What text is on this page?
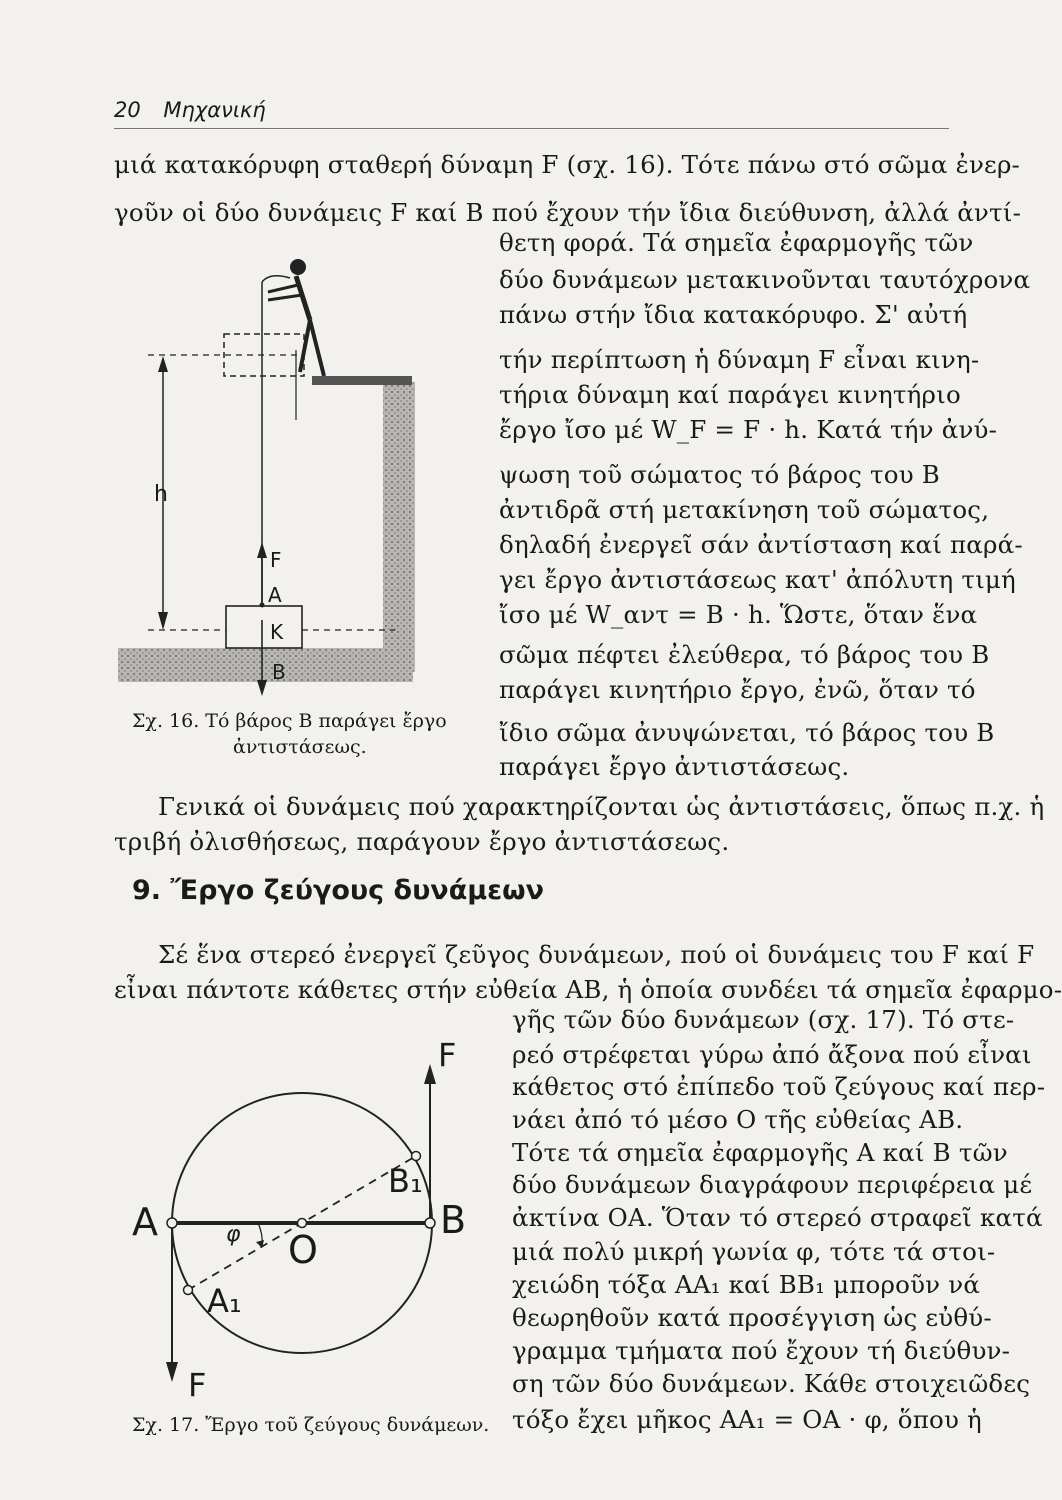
20 Μηχανική
μιά κατακόρυφη σταθερή δύναμη F (σχ. 16). Τότε πάνω στό σῶμα ἐνερ-
γοῦν οἱ δύο δυνάμεις F καί B πού ἔχουν τήν ἴδια διεύθυνση, ἀλλά ἀντί-
θετη φορά. Τά σημεῖα ἐφαρμογῆς τῶν
δύο δυνάμεων μετακινοῦνται ταυτόχρονα
πάνω στήν ἴδια κατακόρυφο. Σ' αὐτή
τήν περίπτωση ἡ δύναμη F εἶναι κινη-
τήρια δύναμη καί παράγει κινητήριο
ἔργο ἴσο μέ W_F = F · h. Κατά τήν ἀνύ-
ψωση τοῦ σώματος τό βάρος του B
ἀντιδρᾶ στή μετακίνηση τοῦ σώματος,
δηλαδή ἐνεργεῖ σάν ἀντίσταση καί παρά-
γει ἔργο ἀντιστάσεως κατ' ἀπόλυτη τιμή
ἴσο μέ W_αντ = B · h. Ὥστε, ὅταν ἕνα
σῶμα πέφτει ἐλεύθερα, τό βάρος του B
παράγει κινητήριο ἔργο, ἐνῶ, ὅταν τό
ἴδιο σῶμα ἀνυψώνεται, τό βάρος του B
παράγει ἔργο ἀντιστάσεως.
Γενικά οἱ δυνάμεις πού χαρακτηρίζονται ὡς ἀντιστάσεις, ὅπως π.χ. ἡ
τριβή ὀλισθήσεως, παράγουν ἔργο ἀντιστάσεως.
h
F
A
K
B
Σχ. 16. Τό βάρος B παράγει ἔργο
ἀντιστάσεως.
9. Ἔργο ζεύγους δυνάμεων
Σέ ἕνα στερεό ἐνεργεῖ ζεῦγος δυνάμεων, πού οἱ δυνάμεις του F καί F
εἶναι πάντοτε κάθετες στήν εὐθεία AB, ἡ ὁποία συνδέει τά σημεῖα ἐφαρμο-
γῆς τῶν δύο δυνάμεων (σχ. 17). Τό στε-
ρεό στρέφεται γύρω ἀπό ἄξονα πού εἶναι
κάθετος στό ἐπίπεδο τοῦ ζεύγους καί περ-
νάει ἀπό τό μέσο O τῆς εὐθείας AB.
Τότε τά σημεῖα ἐφαρμογῆς A καί B τῶν
δύο δυνάμεων διαγράφουν περιφέρεια μέ
ἀκτίνα OA. Ὅταν τό στερεό στραφεῖ κατά
μιά πολύ μικρή γωνία φ, τότε τά στοι-
χειώδη τόξα AA₁ καί BB₁ μποροῦν νά
θεωρηθοῦν κατά προσέγγιση ὡς εὐθύ-
γραμμα τμήματα πού ἔχουν τή διεύθυν-
ση τῶν δύο δυνάμεων. Κάθε στοιχειῶδες
τόξο ἔχει μῆκος AA₁ = OA · φ, ὅπου ἡ
A	B
O
A₁
B₁
φ
F
F
Σχ. 17. Ἔργο τοῦ ζεύγους δυνάμεων.
